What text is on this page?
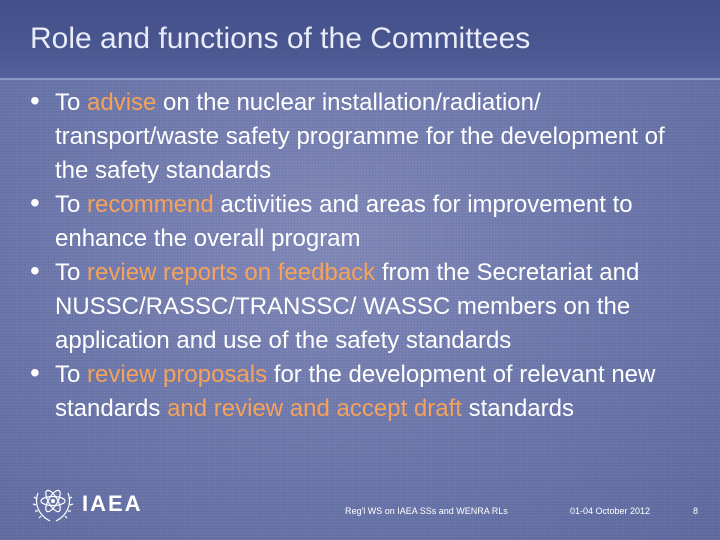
Role and functions of the Committees
• To advise on the nuclear installation/radiation/ transport/waste safety programme for the development of the safety standards
• To recommend activities and areas for improvement to enhance the overall program
• To review reports on feedback from the Secretariat and NUSSC/RASSC/TRANSSC/ WASSC members on the application and use of the safety standards
• To review proposals for the development of relevant new standards and review and accept draft standards
IAEA	Reg'l WS on IAEA SSs and WENRA RLs	01-04 October 2012	8
